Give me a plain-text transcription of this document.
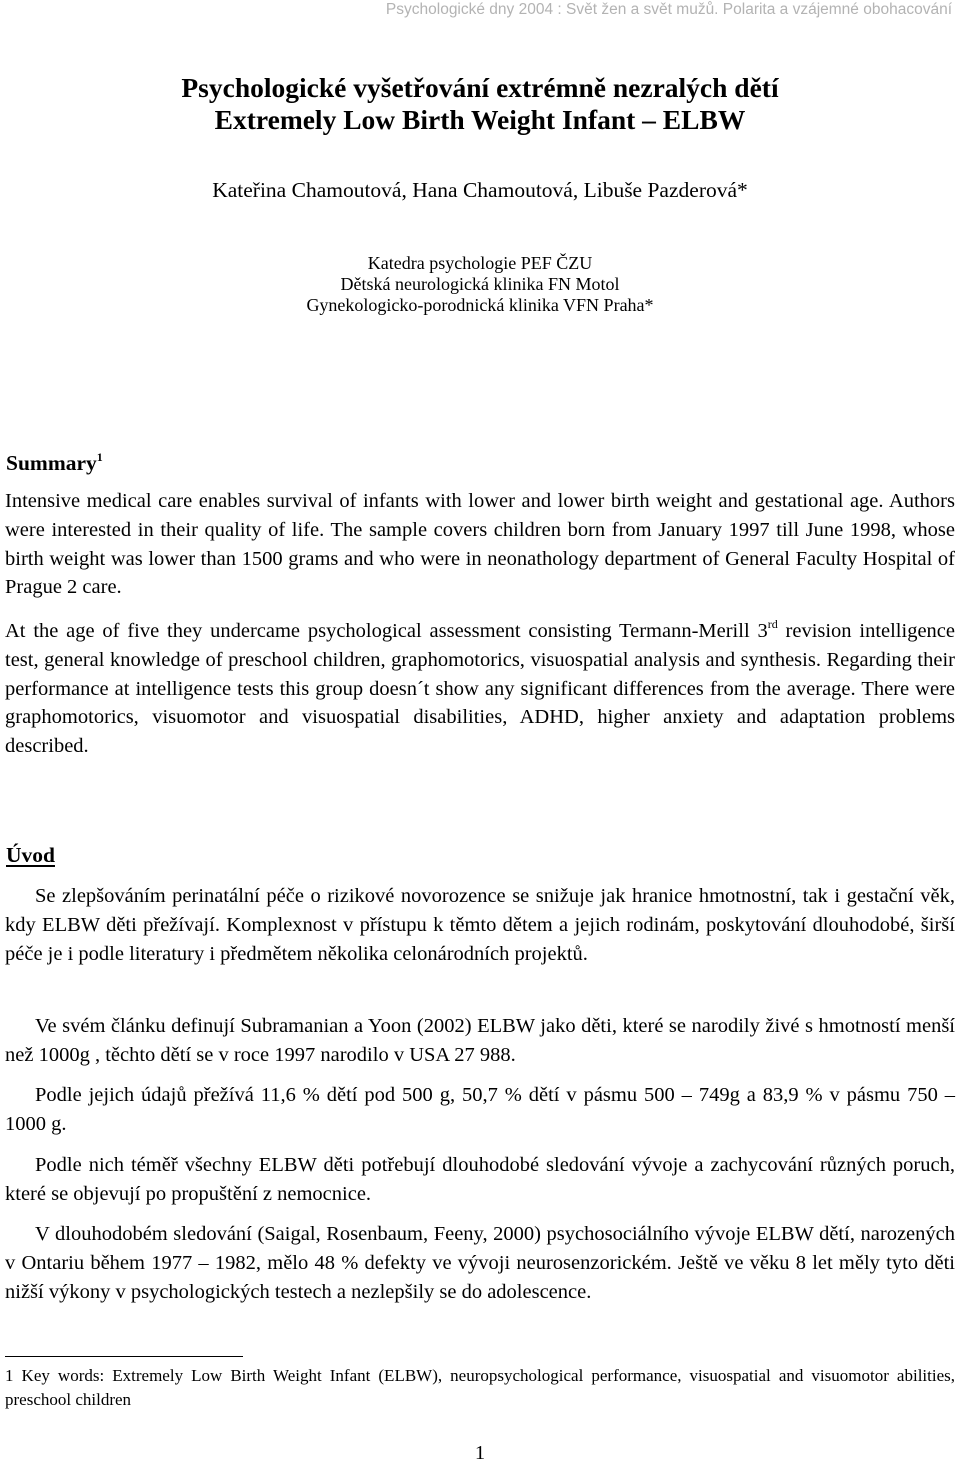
Psychologické dny 2004 : Svět žen a svět mužů. Polarita a vzájemné obohacování
Psychologické vyšetřování extrémně nezralých dětí
Extremely Low Birth Weight Infant – ELBW
Kateřina Chamoutová, Hana Chamoutová, Libuše Pazderová*
Katedra psychologie PEF ČZU
Dětská neurologická klinika FN Motol
Gynekologicko-porodnická klinika VFN Praha*
Summary$^1$
Intensive medical care enables survival of infants with lower and lower birth weight and gestational age. Authors were interested in their quality of life. The sample covers children born from January 1997 till June 1998, whose birth weight was lower than 1500 grams and who were in neonathology department of General Faculty Hospital of Prague 2 care.
At the age of five they undercame psychological assessment consisting Termann-Merill 3rd revision intelligence test, general knowledge of preschool children, graphomotorics, visuospatial analysis and synthesis. Regarding their performance at intelligence tests this group doesn´t show any significant differences from the average. There were graphomotorics, visuomotor and visuospatial disabilities, ADHD, higher anxiety and adaptation problems described.
Úvod
Se zlepšováním perinatální péče o rizikové novorozence se snižuje jak hranice hmotnostní, tak i gestační věk, kdy ELBW děti přežívají. Komplexnost v přístupu k těmto dětem a jejich rodinám, poskytování dlouhodobé, širší péče je i podle literatury i předmětem několika celonárodních projektů.
Ve svém článku definují Subramanian a Yoon (2002) ELBW jako děti, které se narodily živé s hmotností menší než 1000g , těchto dětí se v roce 1997 narodilo v USA 27 988.
Podle jejich údajů přežívá 11,6 % dětí pod 500 g, 50,7 % dětí v pásmu 500 – 749g a 83,9 % v pásmu 750 – 1000 g.
Podle nich téměř všechny ELBW děti potřebují dlouhodobé sledování vývoje a zachycování různých poruch, které se objevují po propuštění z nemocnice.
V dlouhodobém sledování (Saigal, Rosenbaum, Feeny, 2000) psychosociálního vývoje ELBW dětí, narozených v Ontariu během 1977 – 1982, mělo 48 % defekty ve vývoji neurosenzorickém. Ještě ve věku 8 let měly tyto děti nižší výkony v psychologických testech a nezlepšily se do adolescence.
1 Key words: Extremely Low Birth Weight Infant (ELBW), neuropsychological performance, visuospatial and visuomotor abilities, preschool children
1
